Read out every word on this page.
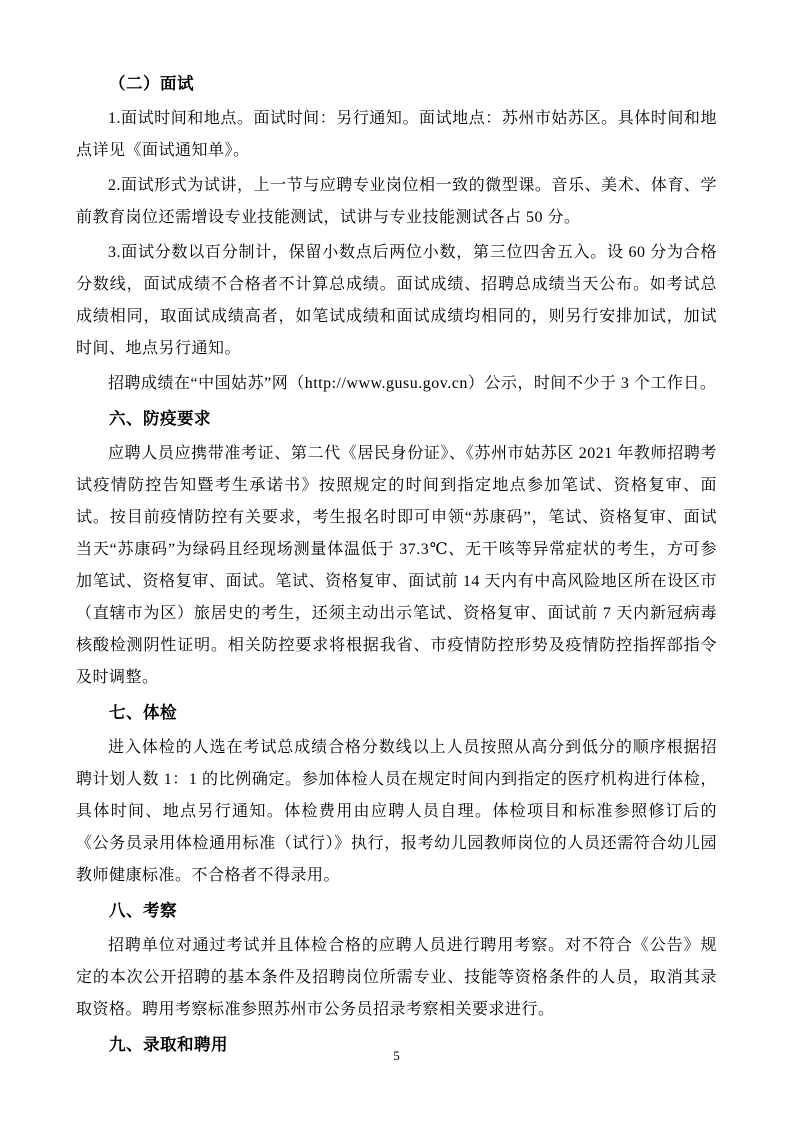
（二）面试

1.面试时间和地点。面试时间：另行通知。面试地点：苏州市姑苏区。具体时间和地点详见《面试通知单》。

2.面试形式为试讲，上一节与应聘专业岗位相一致的微型课。音乐、美术、体育、学前教育岗位还需增设专业技能测试，试讲与专业技能测试各占 50 分。

3.面试分数以百分制计，保留小数点后两位小数，第三位四舍五入。设 60 分为合格分数线，面试成绩不合格者不计算总成绩。面试成绩、招聘总成绩当天公布。如考试总成绩相同，取面试成绩高者，如笔试成绩和面试成绩均相同的，则另行安排加试，加试时间、地点另行通知。

招聘成绩在“中国姑苏”网（http://www.gusu.gov.cn）公示，时间不少于 3 个工作日。

六、防疫要求

应聘人员应携带准考证、第二代《居民身份证》、《苏州市姑苏区 2021 年教师招聘考试疫情防控告知暨考生承诺书》按照规定的时间到指定地点参加笔试、资格复审、面试。按目前疫情防控有关要求，考生报名时即可申领“苏康码”，笔试、资格复审、面试当天“苏康码”为绿码且经现场测量体温低于 37.3℃、无干咳等异常症状的考生，方可参加笔试、资格复审、面试。笔试、资格复审、面试前 14 天内有中高风险地区所在设区市（直辖市为区）旅居史的考生，还须主动出示笔试、资格复审、面试前 7 天内新冠病毒核酸检测阴性证明。相关防控要求将根据我省、市疫情防控形势及疫情防控指挥部指令及时调整。

七、体检

进入体检的人选在考试总成绩合格分数线以上人员按照从高分到低分的顺序根据招聘计划人数 1：1 的比例确定。参加体检人员在规定时间内到指定的医疗机构进行体检，具体时间、地点另行通知。体检费用由应聘人员自理。体检项目和标准参照修订后的《公务员录用体检通用标准（试行）》执行，报考幼儿园教师岗位的人员还需符合幼儿园教师健康标准。不合格者不得录用。

八、考察

招聘单位对通过考试并且体检合格的应聘人员进行聘用考察。对不符合《公告》规定的本次公开招聘的基本条件及招聘岗位所需专业、技能等资格条件的人员，取消其录取资格。聘用考察标准参照苏州市公务员招录考察相关要求进行。

九、录取和聘用
5
